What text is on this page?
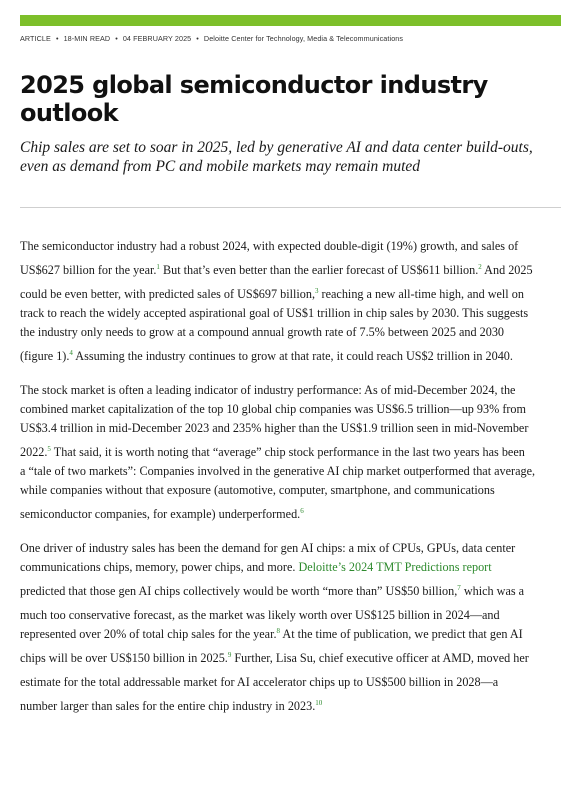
ARTICLE • 18-MIN READ • 04 FEBRUARY 2025 • Deloitte Center for Technology, Media & Telecommunications
2025 global semiconductor industry outlook

Chip sales are set to soar in 2025, led by generative AI and data center build-outs, even as demand from PC and mobile markets may remain muted

The semiconductor industry had a robust 2024, with expected double-digit (19%) growth, and sales of
US$627 billion for the year.$^1$ But that’s even better than the earlier forecast of US$611 billion.$^2$ And 2025
could be even better, with predicted sales of US$697 billion,$^3$ reaching a new all-time high, and well on
track to reach the widely accepted aspirational goal of US$1 trillion in chip sales by 2030. This suggests
the industry only needs to grow at a compound annual growth rate of 7.5% between 2025 and 2030
(figure 1).$^4$ Assuming the industry continues to grow at that rate, it could reach US$2 trillion in 2040.
The stock market is often a leading indicator of industry performance: As of mid-December 2024, the
combined market capitalization of the top 10 global chip companies was US$6.5 trillion—up 93% from
US$3.4 trillion in mid-December 2023 and 235% higher than the US$1.9 trillion seen in mid-November
2022.$^5$ That said, it is worth noting that “average” chip stock performance in the last two years has been
a “tale of two markets”: Companies involved in the generative AI chip market outperformed that average,
while companies without that exposure (automotive, computer, smartphone, and communications
semiconductor companies, for example) underperformed.$^6$
One driver of industry sales has been the demand for gen AI chips: a mix of CPUs, GPUs, data center
communications chips, memory, power chips, and more. Deloitte’s 2024 TMT Predictions report
predicted that those gen AI chips collectively would be worth “more than” US$50 billion,$^7$ which was a
much too conservative forecast, as the market was likely worth over US$125 billion in 2024—and
represented over 20% of total chip sales for the year.$^8$ At the time of publication, we predict that gen AI
chips will be over US$150 billion in 2025.$^9$ Further, Lisa Su, chief executive officer at AMD, moved her
estimate for the total addressable market for AI accelerator chips up to US$500 billion in 2028—a
number larger than sales for the entire chip industry in 2023.10
